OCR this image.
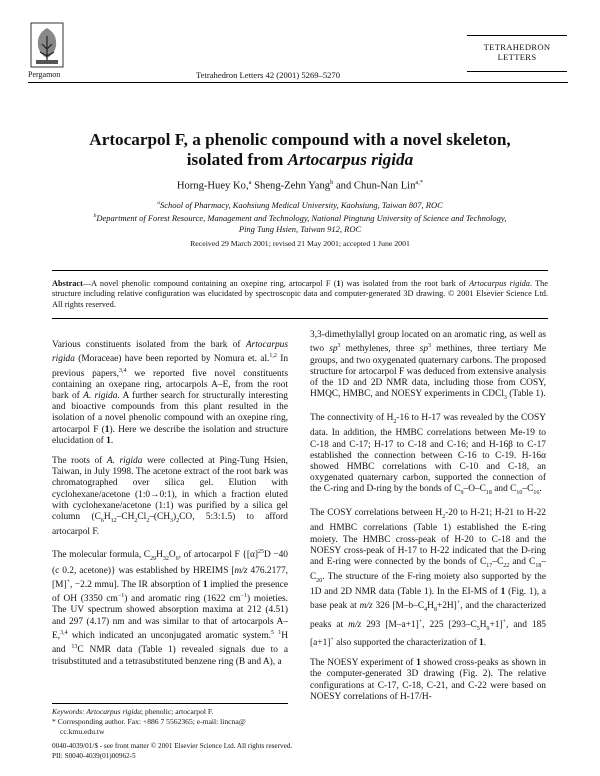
Pergamon	Tetrahedron Letters 42 (2001) 5269–5270
TETRAHEDRON
LETTERS
Artocarpol F, a phenolic compound with a novel skeleton,
isolated from Artocarpus rigida
Horng-Huey Ko,$^a$ Sheng-Zehn Yang$^b$ and Chun-Nan Lin$^{a,*}$
$^a$School of Pharmacy, Kaohsiung Medical University, Kaohsiung, Taiwan 807, ROC
$^b$Department of Forest Resource, Management and Technology, National Pingtung University of Science and Technology,
Ping Tung Hsien, Taiwan 912, ROC
Received 29 March 2001; revised 21 May 2001; accepted 1 June 2001
Abstract—A novel phenolic compound containing an oxepine ring, artocarpol F (1) was isolated from the root bark of Artocarpus rigida. The structure including relative configuration was elucidated by spectroscopic data and computer-generated 3D drawing. © 2001 Elsevier Science Ltd. All rights reserved.

Various constituents isolated from the bark of Artocarpus rigida (Moraceae) have been reported by Nomura et. al.$^{1,2}$ In previous papers,$^{3,4}$ we reported five novel constituents containing an oxepane ring, artocarpols A–E, from the root bark of A. rigida. A further search for structurally interesting and bioactive compounds from this plant resulted in the isolation of a novel phenolic compound with an oxepine ring, artocarpol F (1). Here we describe the isolation and structure elucidation of 1.

The roots of A. rigida were collected at Ping-Tung Hsien, Taiwan, in July 1998. The acetone extract of the root bark was chromatographed over silica gel. Elution with cyclohexane/acetone (1:0→0:1), in which a fraction eluted with cyclohexane/acetone (1:1) was purified by a silica gel column ($C_6H_{12}-CH_2Cl_2-(CH_3)_2CO$, 5:3:1.5) to afford artocarpol F.

The molecular formula, $C_{29}H_{32}O_6$, of artocarpol F {$[\alpha]^{25}D -40$ (c 0.2, acetone)} was established by HREIMS [m/z 476.2177, [M]+, −2.2 mmu]. The IR absorption of 1 implied the presence of OH (3350 $cm^{-1}$) and aromatic ring (1622 $cm^{-1}$) moieties. The UV spectrum showed absorption maxima at 212 (4.51) and 297 (4.17) nm and was similar to that of artocarpols A–E,$^{3,4}$ which indicated an unconjugated aromatic system.$^5$ $^1$H and $^{13}$C NMR data (Table 1) revealed signals due to a trisubstituted and a tetrasubstituted benzene ring (B and A), a

3,3-dimethylallyl group located on an aromatic ring, as well as two $sp^3$ methylenes, three $sp^3$ methines, three tertiary Me groups, and two oxygenated quaternary carbons. The proposed structure for artocarpol F was deduced from extensive analysis of the 1D and 2D NMR data, including those from COSY, HMQC, HMBC, and NOESY experiments in CDCl$_3$ (Table 1).

The connectivity of $H_2-16$ to H-17 was revealed by the COSY data. In addition, the HMBC correlations between Me-19 to C-18 and C-17; H-17 to C-18 and C-16; and H-16β to C-17 established the connection between C-16 to C-19. H-16α showed HMBC correlations with C-10 and C-18, an oxygenated quaternary carbon, supported the connection of the C-ring and D-ring by the bonds of $C_9-O-C_{18}$ and $C_{10}-C_{16}$.

The COSY correlations between $H_2-20$ to H-21; H-21 to H-22 and HMBC correlations (Table 1) established the E-ring moiety. The HMBC cross-peak of H-20 to C-18 and the NOESY cross-peak of H-17 to H-22 indicated that the D-ring and E-ring were connected by the bonds of $C_{17}-C_{22}$ and $C_{18}-C_{20}$. The structure of the F-ring moiety also supported by the 1D and 2D NMR data (Table 1). In the EI-MS of 1 (Fig. 1), a base peak at m/z 326 $[M-b-C_4H_8+2H]^+$, and the characterized peaks at m/z 293 [M–a+1]+, 225 $[293-C_5H_9+1]^+$, and 185 [a+1]+ also supported the characterization of 1.

The NOESY experiment of 1 showed cross-peaks as shown in the computer-generated 3D drawing (Fig. 2). The relative configurations at C-17, C-18, C-21, and C-22 were based on NOESY correlations of H-17/H-

Keywords: Artocarpus rigida; phenolic; artocarpol F.
* Corresponding author. Fax: +886 7 5562365; e-mail: lincna@
cc.kmu.edu.tw
0040-4039/01/$ - see front matter © 2001 Elsevier Science Ltd. All rights reserved.
PII: S0040-4039(01)00962-5
